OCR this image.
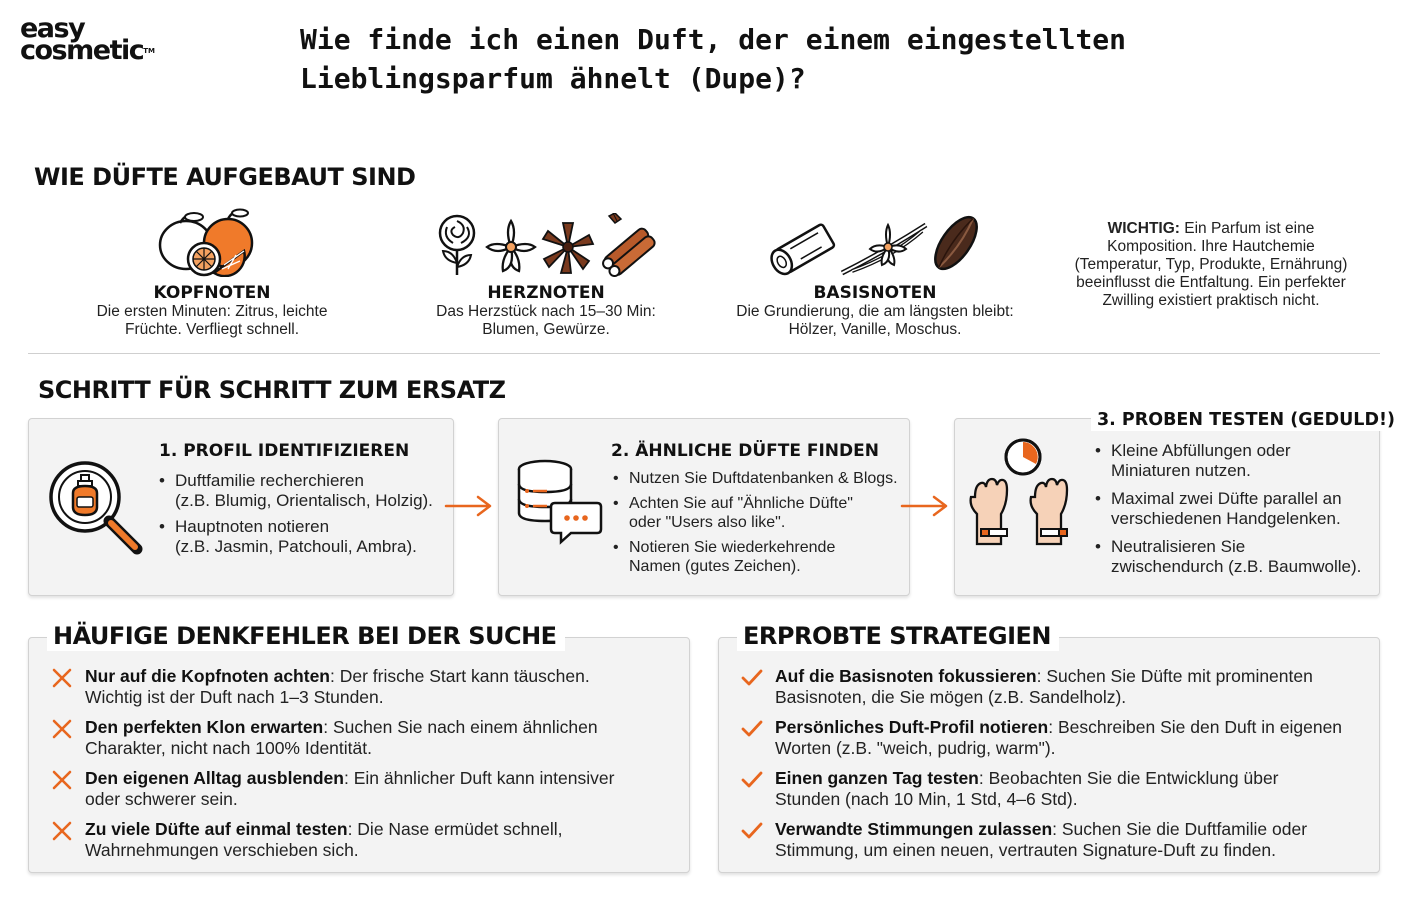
easy
cosmetic™	Wie finde ich einen Duft, der einem eingestellten
Lieblingsparfum ähnelt (Dupe)?
WIE DÜFTE AUFGEBAUT SIND
KOPFNOTEN
Die ersten Minuten: Zitrus, leichte
Früchte. Verfliegt schnell.
HERZNOTEN
Das Herzstück nach 15–30 Min:
Blumen, Gewürze.
BASISNOTEN
Die Grundierung, die am längsten bleibt:
Hölzer, Vanille, Moschus.
WICHTIG: Ein Parfum ist eine
Komposition. Ihre Hautchemie
(Temperatur, Typ, Produkte, Ernährung)
beeinflusst die Entfaltung. Ein perfekter
Zwilling existiert praktisch nicht.
SCHRITT FÜR SCHRITT ZUM ERSATZ
1. PROFIL IDENTIFIZIEREN
• Duftfamilie recherchieren
(z.B. Blumig, Orientalisch, Holzig).
• Hauptnoten notieren
(z.B. Jasmin, Patchouli, Ambra).
2. ÄHNLICHE DÜFTE FINDEN
• Nutzen Sie Duftdatenbanken & Blogs.
• Achten Sie auf "Ähnliche Düfte"
oder "Users also like".
• Notieren Sie wiederkehrende
Namen (gutes Zeichen).
3. PROBEN TESTEN (GEDULD!)
• Kleine Abfüllungen oder
Miniaturen nutzen.
• Maximal zwei Düfte parallel an
verschiedenen Handgelenken.
• Neutralisieren Sie
zwischendurch (z.B. Baumwolle).
HÄUFIGE DENKFEHLER BEI DER SUCHE
Nur auf die Kopfnoten achten: Der frische Start kann täuschen.
Wichtig ist der Duft nach 1–3 Stunden.
Den perfekten Klon erwarten: Suchen Sie nach einem ähnlichen
Charakter, nicht nach 100% Identität.
Den eigenen Alltag ausblenden: Ein ähnlicher Duft kann intensiver
oder schwerer sein.
Zu viele Düfte auf einmal testen: Die Nase ermüdet schnell,
Wahrnehmungen verschieben sich.
ERPROBTE STRATEGIEN
Auf die Basisnoten fokussieren: Suchen Sie Düfte mit prominenten
Basisnoten, die Sie mögen (z.B. Sandelholz).
Persönliches Duft-Profil notieren: Beschreiben Sie den Duft in eigenen
Worten (z.B. "weich, pudrig, warm").
Einen ganzen Tag testen: Beobachten Sie die Entwicklung über
Stunden (nach 10 Min, 1 Std, 4–6 Std).
Verwandte Stimmungen zulassen: Suchen Sie die Duftfamilie oder
Stimmung, um einen neuen, vertrauten Signature-Duft zu finden.
